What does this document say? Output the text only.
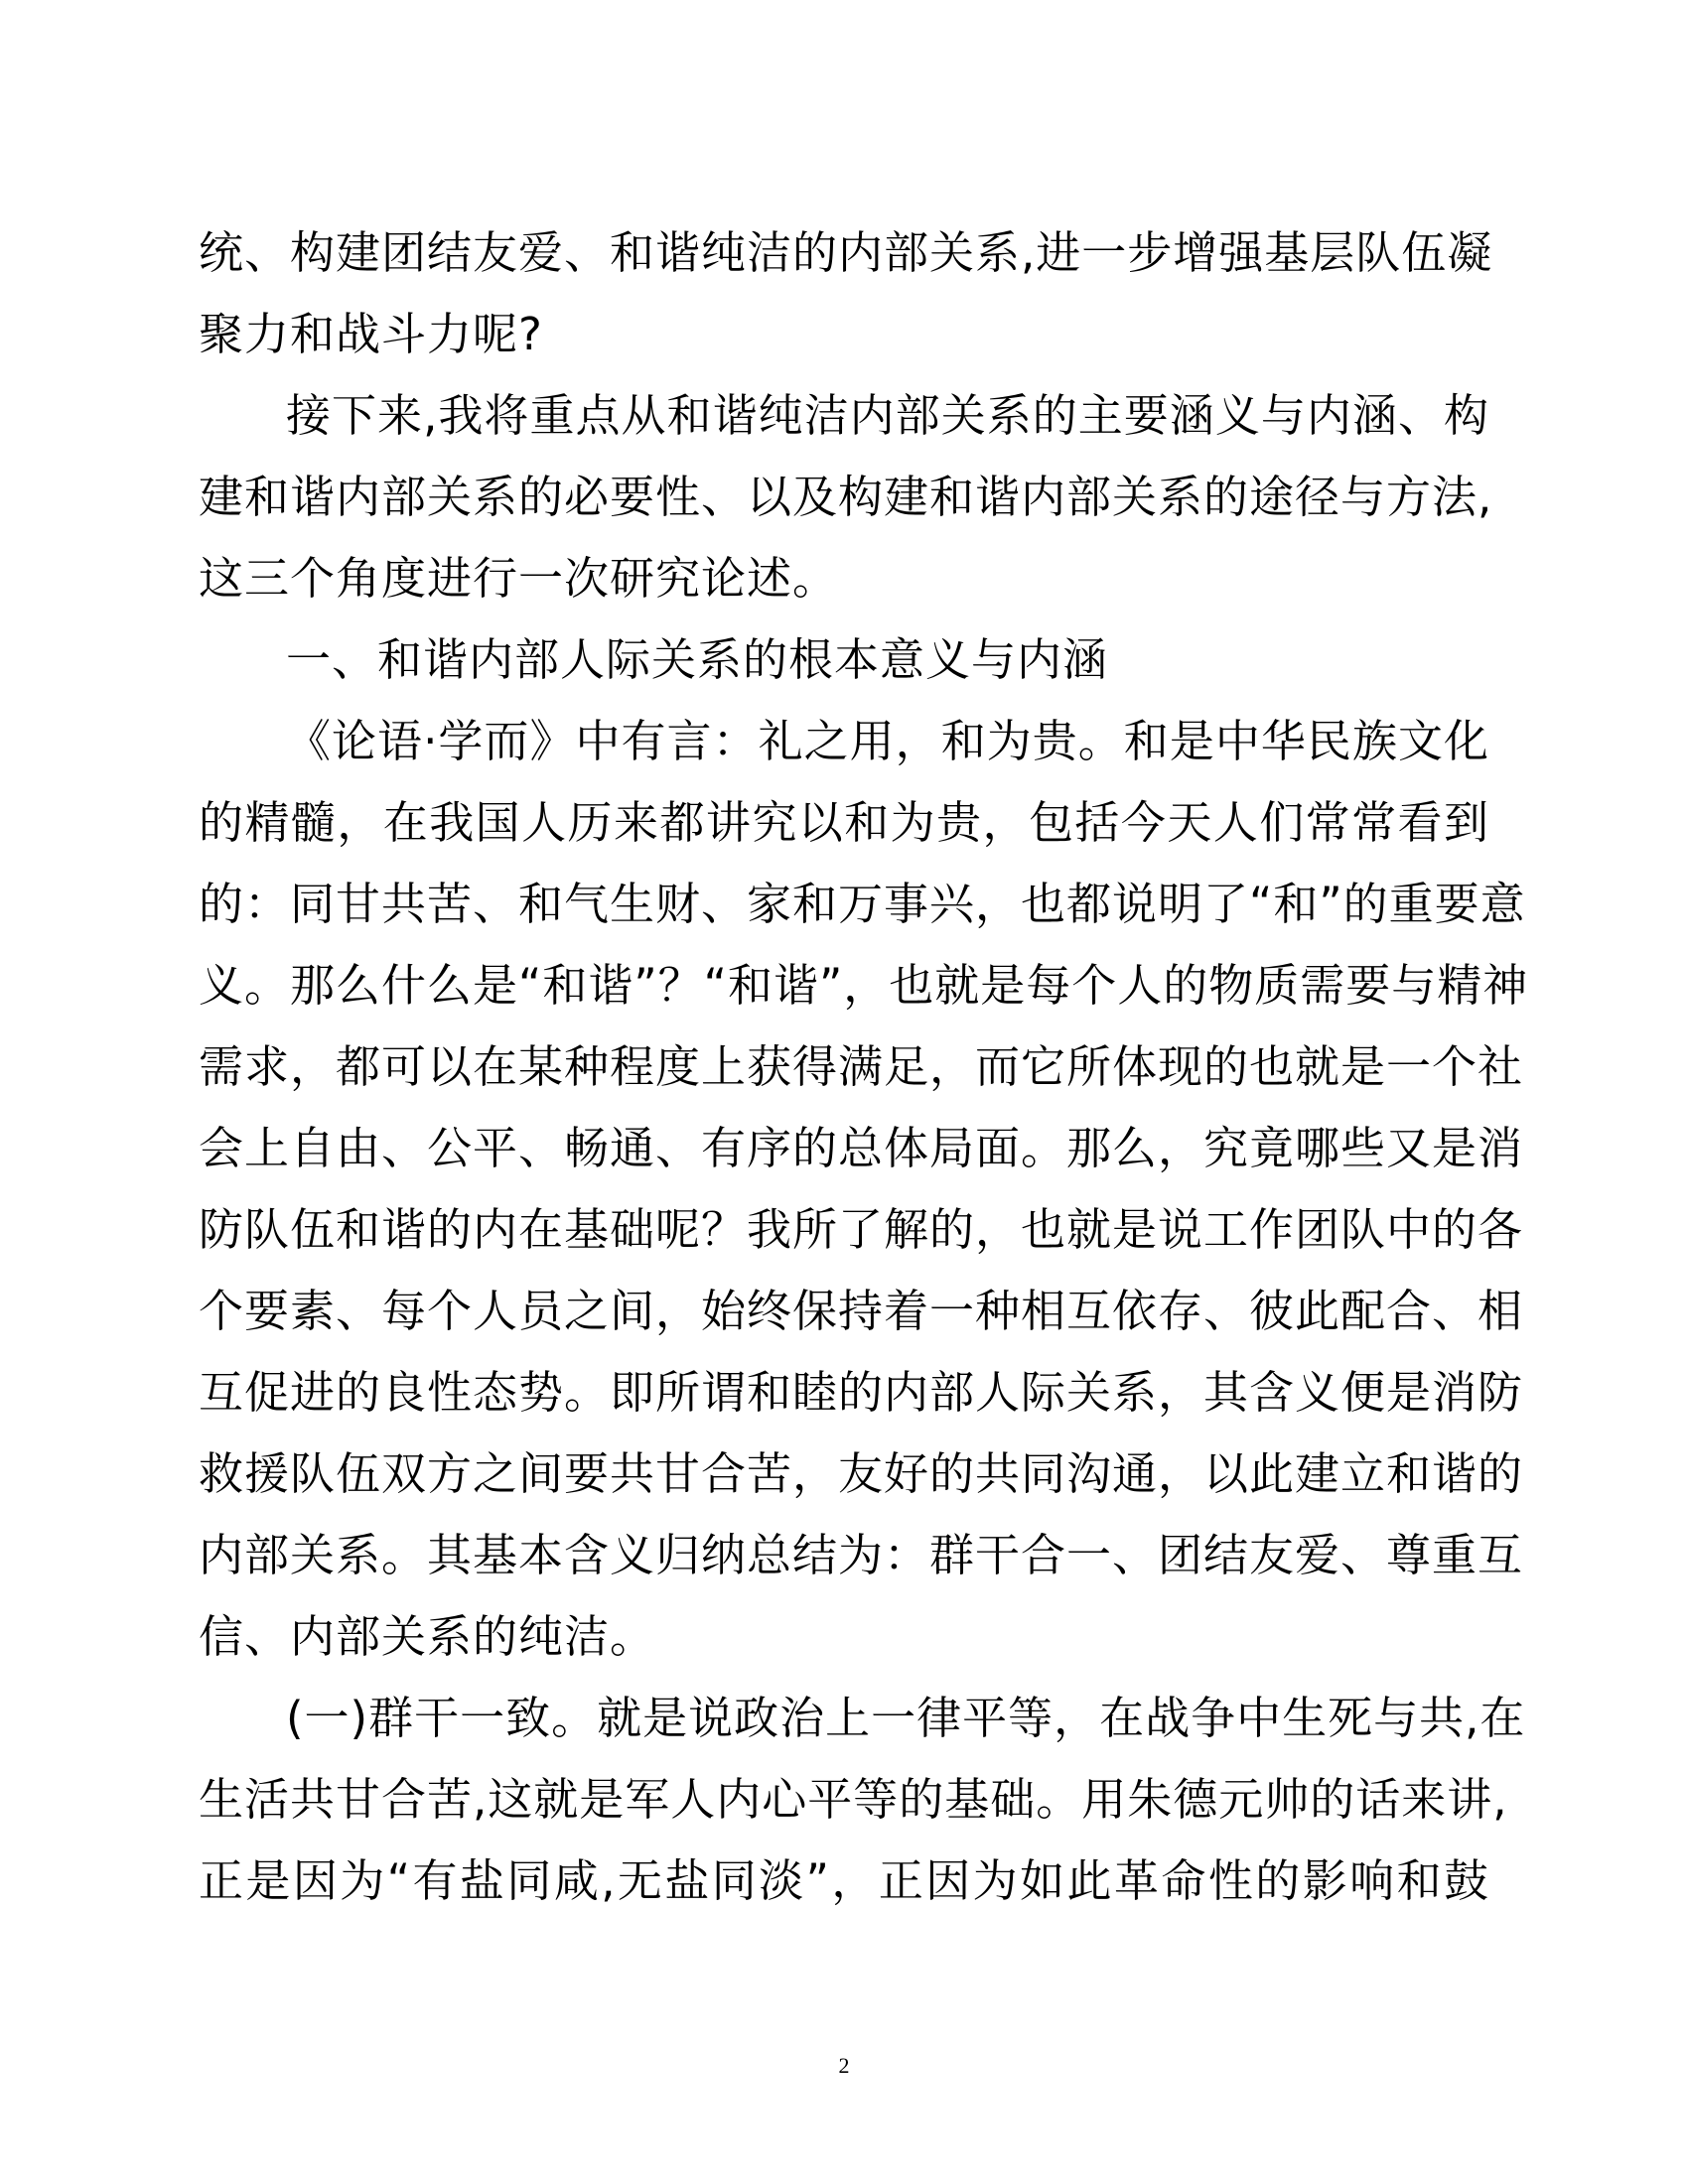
统、构建团结友爱、和谐纯洁的内部关系,进一步增强基层队伍凝
聚力和战斗力呢?
接下来,我将重点从和谐纯洁内部关系的主要涵义与内涵、构
建和谐内部关系的必要性、以及构建和谐内部关系的途径与方法,
这三个角度进行一次研究论述。
一、和谐内部人际关系的根本意义与内涵
《论语·学而》中有言：礼之用，和为贵。和是中华民族文化
的精髓，在我国人历来都讲究以和为贵，包括今天人们常常看到
的：同甘共苦、和气生财、家和万事兴，也都说明了“和”的重要意
义。那么什么是“和谐”？“和谐”，也就是每个人的物质需要与精神
需求，都可以在某种程度上获得满足，而它所体现的也就是一个社
会上自由、公平、畅通、有序的总体局面。那么，究竟哪些又是消
防队伍和谐的内在基础呢？我所了解的，也就是说工作团队中的各
个要素、每个人员之间，始终保持着一种相互依存、彼此配合、相
互促进的良性态势。即所谓和睦的内部人际关系，其含义便是消防
救援队伍双方之间要共甘合苦，友好的共同沟通，以此建立和谐的
内部关系。其基本含义归纳总结为：群干合一、团结友爱、尊重互
信、内部关系的纯洁。
(一)群干一致。就是说政治上一律平等，在战争中生死与共,在
生活共甘合苦,这就是军人内心平等的基础。用朱德元帅的话来讲,
正是因为“有盐同咸,无盐同淡”，正因为如此革命性的影响和鼓
2
